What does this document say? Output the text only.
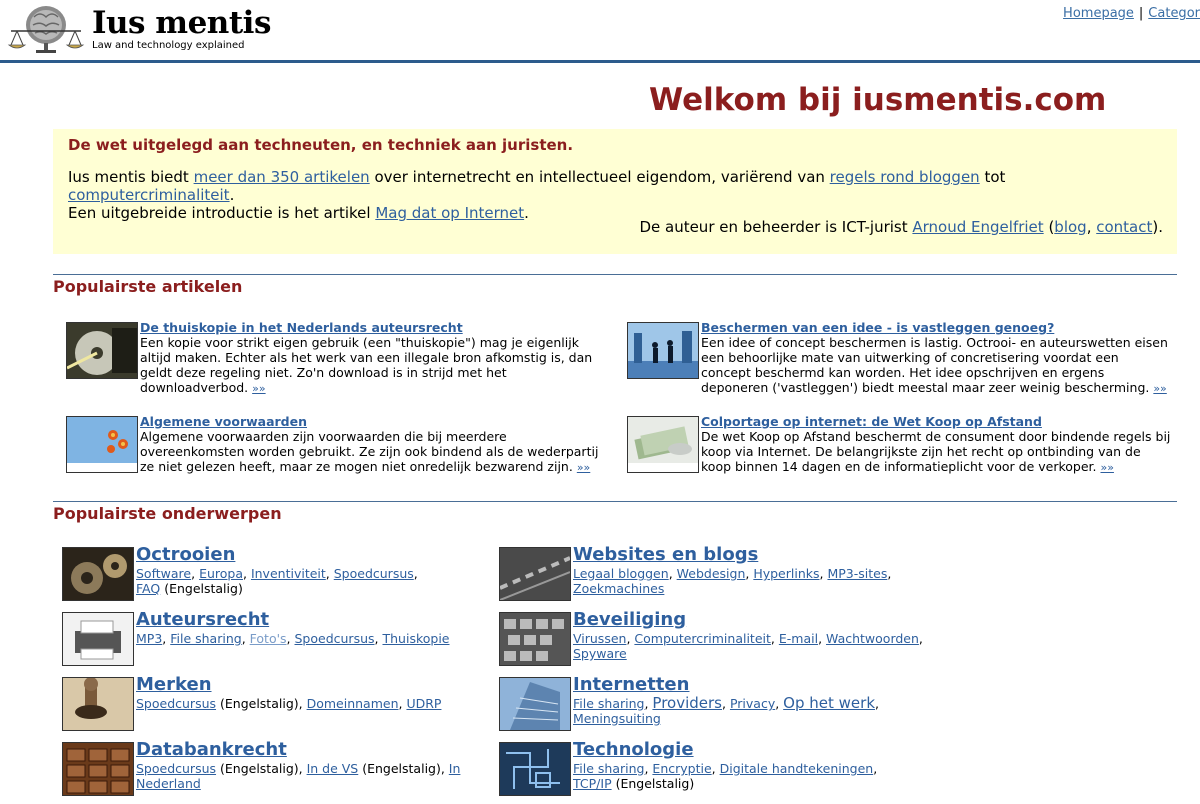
Ius mentis
Law and technology explained
Homepage | Categor
Welkom bij iusmentis.com
De wet uitgelegd aan techneuten, en techniek aan juristen.
Ius mentis biedt meer dan 350 artikelen over internetrecht en intellectueel eigendom, variërend van regels rond bloggen tot computercriminaliteit.
Een uitgebreide introductie is het artikel Mag dat op Internet.
De auteur en beheerder is ICT-jurist Arnoud Engelfriet (blog, contact).
Populairste artikelen
De thuiskopie in het Nederlands auteursrecht
Een kopie voor strikt eigen gebruik (een "thuiskopie") mag je eigenlijk altijd maken. Echter als het werk van een illegale bron afkomstig is, dan geldt deze regeling niet. Zo'n download is in strijd met het downloadverbod. »»
Beschermen van een idee - is vastleggen genoeg?
Een idee of concept beschermen is lastig. Octrooi- en auteurswetten eisen een behoorlijke mate van uitwerking of concretisering voordat een concept beschermd kan worden. Het idee opschrijven en ergens deponeren ('vastleggen') biedt meestal maar zeer weinig bescherming. »»
Algemene voorwaarden
Algemene voorwaarden zijn voorwaarden die bij meerdere overeenkomsten worden gebruikt. Ze zijn ook bindend als de wederpartij ze niet gelezen heeft, maar ze mogen niet onredelijk bezwarend zijn. »»
Colportage op internet: de Wet Koop op Afstand
De wet Koop op Afstand beschermt de consument door bindende regels bij koop via Internet. De belangrijkste zijn het recht op ontbinding van de koop binnen 14 dagen en de informatieplicht voor de verkoper. »»
Populairste onderwerpen
Octrooien
Software, Europa, Inventiviteit, Spoedcursus,
FAQ (Engelstalig)
Websites en blogs
Legaal bloggen, Webdesign, Hyperlinks, MP3-sites,
Zoekmachines
Auteursrecht
MP3, File sharing, Foto's, Spoedcursus, Thuiskopie
Beveiliging
Virussen, Computercriminaliteit, E-mail, Wachtwoorden,
Spyware
Merken
Spoedcursus (Engelstalig), Domeinnamen, UDRP
Internetten
File sharing, Providers, Privacy, Op het werk,
Meningsuiting
Databankrecht
Spoedcursus (Engelstalig), In de VS (Engelstalig), In Nederland
Technologie
File sharing, Encryptie, Digitale handtekeningen,
TCP/IP (Engelstalig)
